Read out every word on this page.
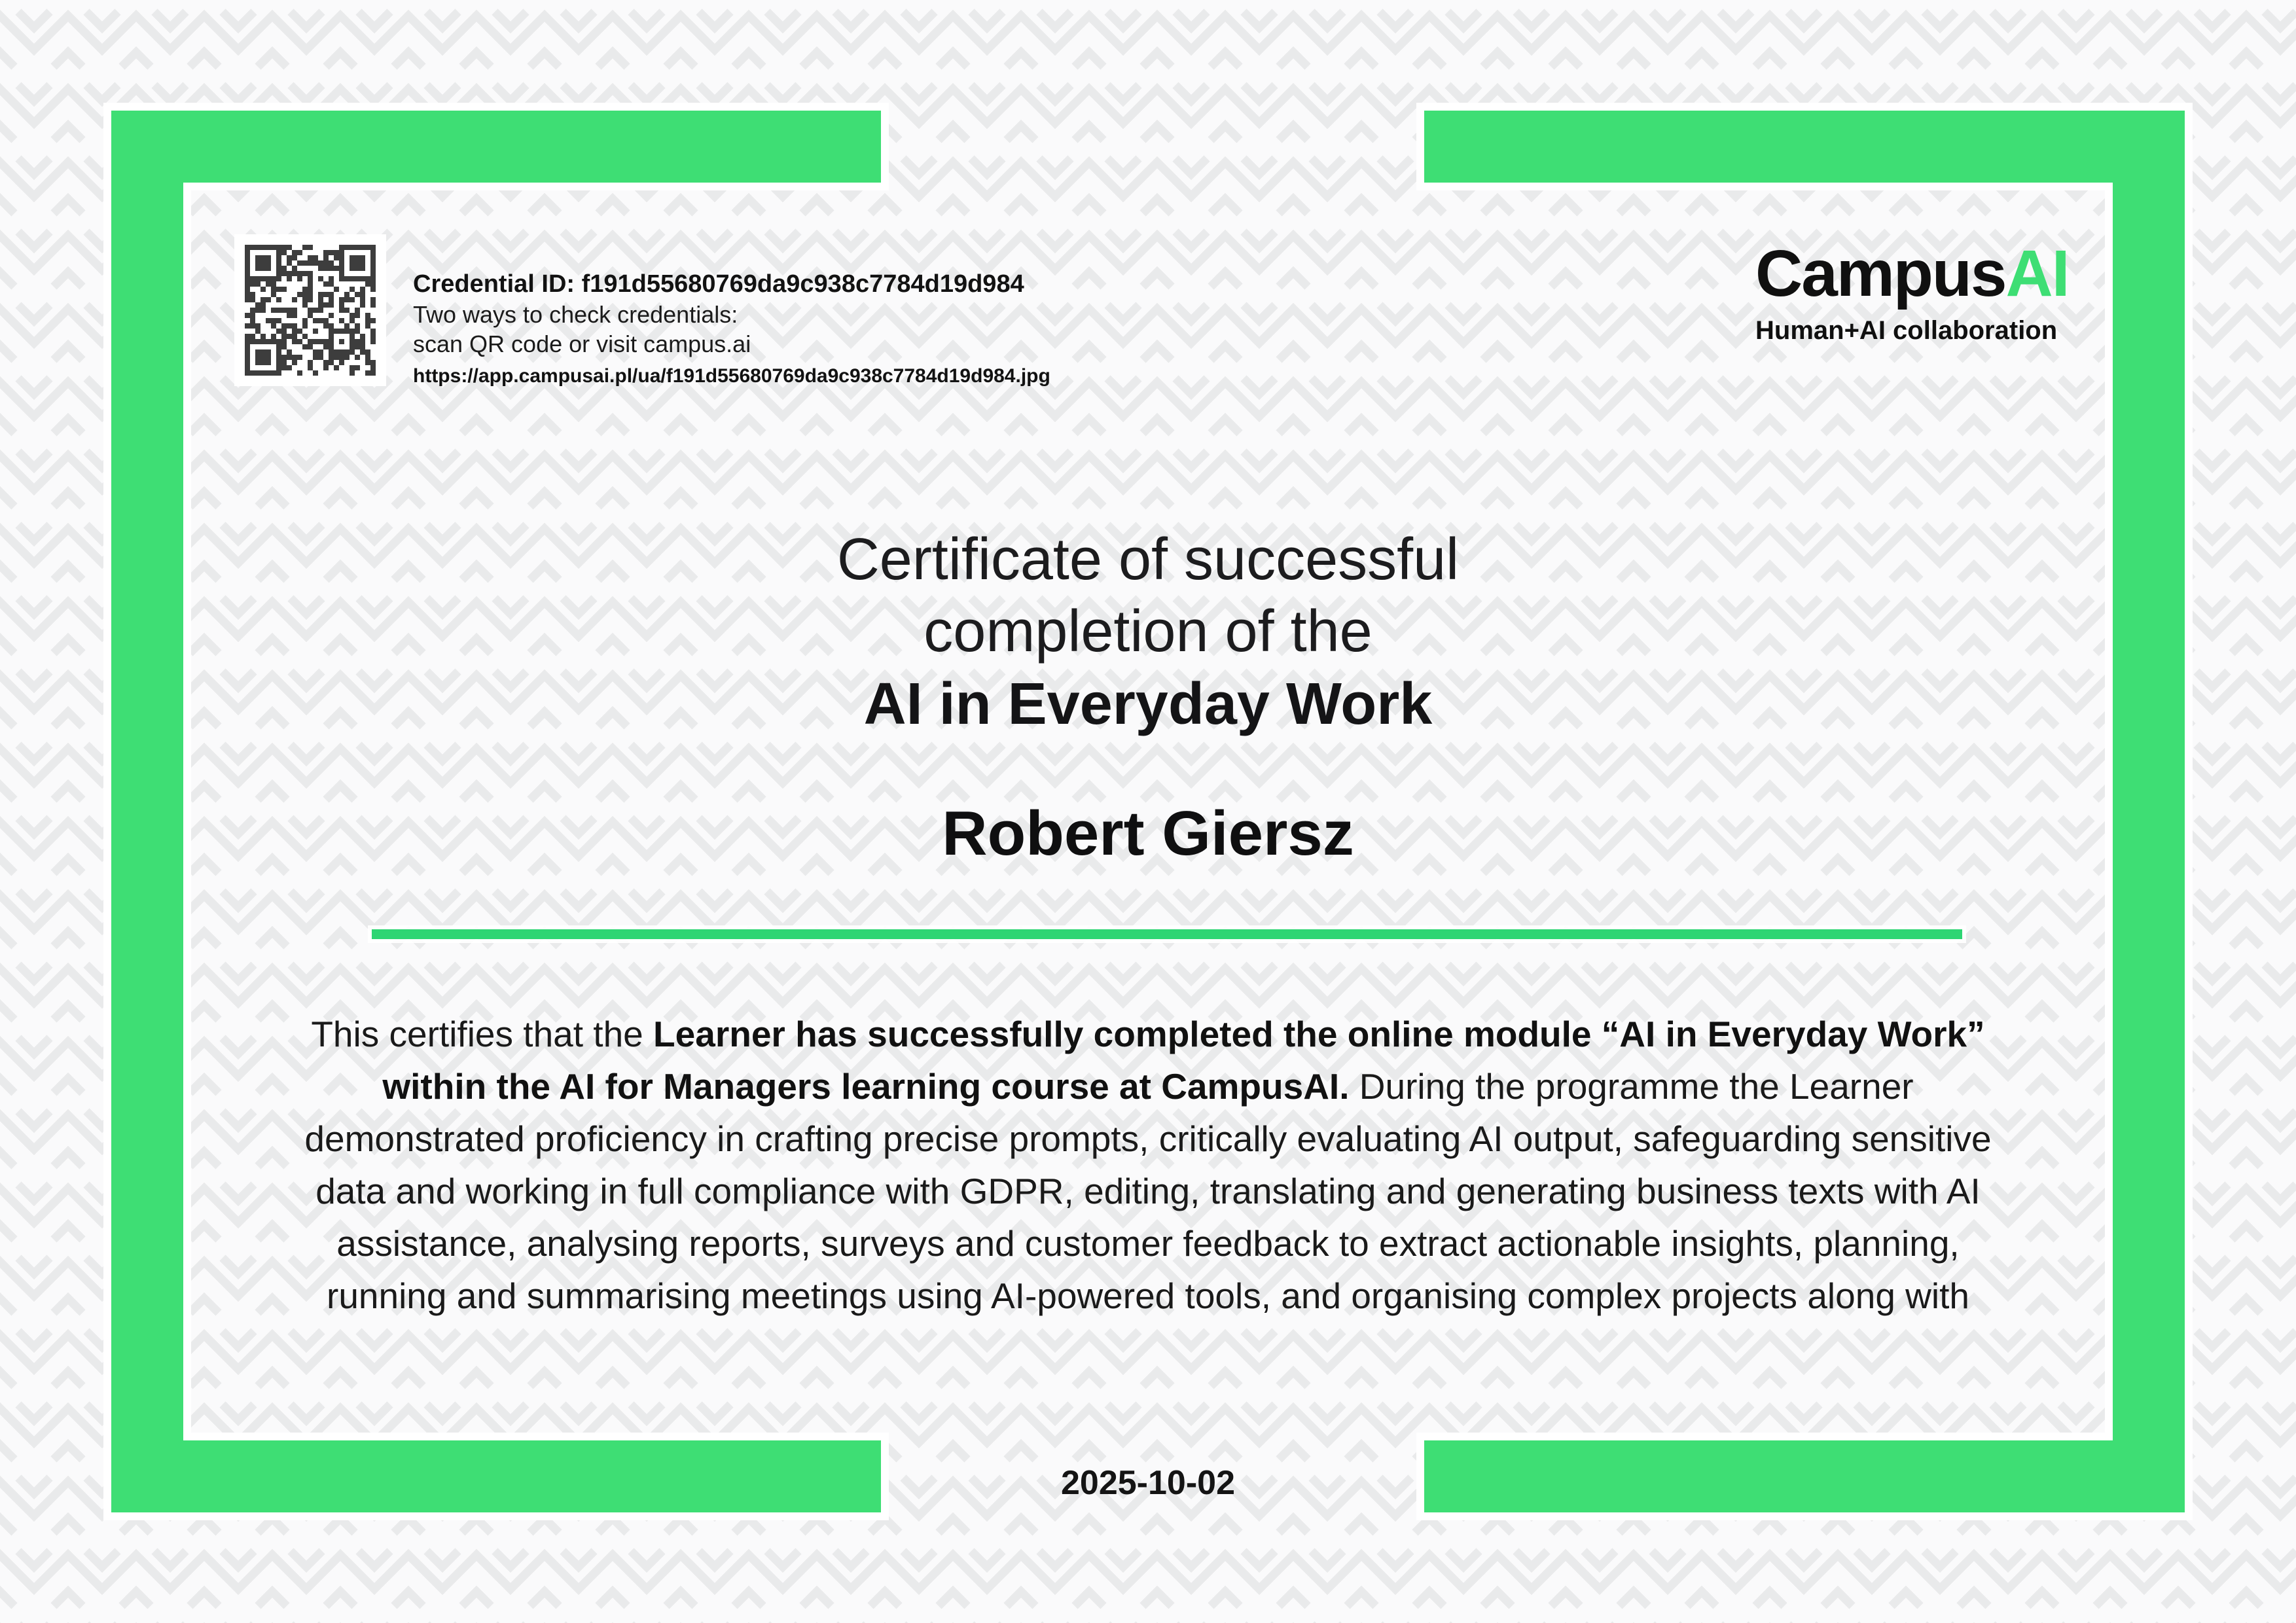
Credential ID: f191d55680769da9c938c7784d19d984
Two ways to check credentials:
scan QR code or visit campus.ai
https://app.campusai.pl/ua/f191d55680769da9c938c7784d19d984.jpg
CampusAI
Human+AI collaboration
Certificate of successful
completion of the
AI in Everyday Work
Robert Giersz

This certifies that the Learner has successfully completed the online module “AI in Everyday Work” within the AI for Managers learning course at CampusAI. During the programme the Learner demonstrated proficiency in crafting precise prompts, critically evaluating AI output, safeguarding sensitive data and working in full compliance with GDPR, editing, translating and generating business texts with AI assistance, analysing reports, surveys and customer feedback to extract actionable insights, planning, running and summarising meetings using AI-powered tools, and organising complex projects along with

2025-10-02
